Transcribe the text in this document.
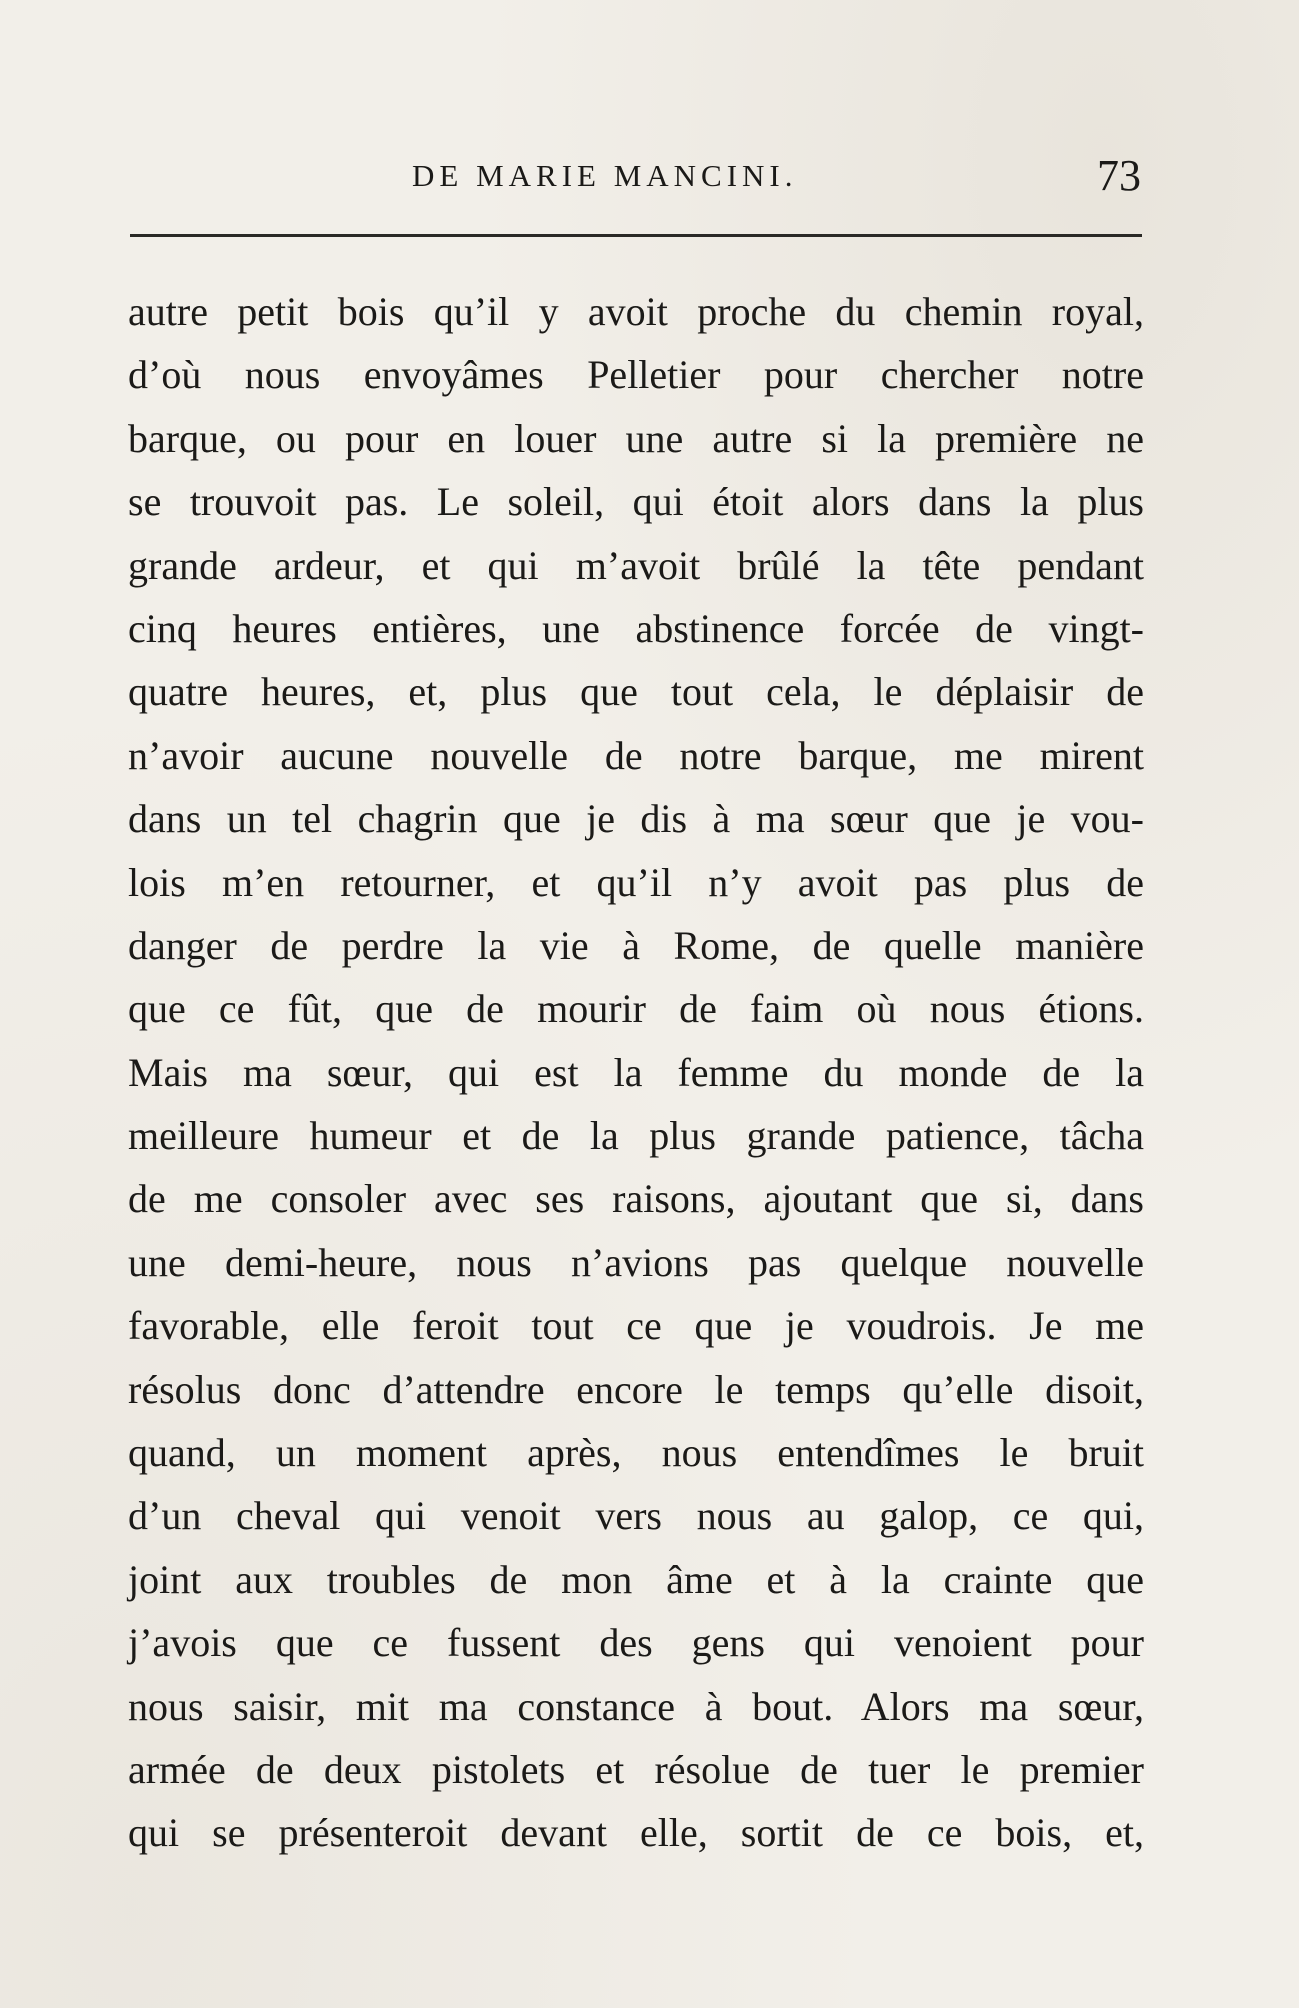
DE MARIE MANCINI.	73
autre petit bois qu’il y avoit proche du chemin royal,
d’où nous envoyâmes Pelletier pour chercher notre
barque, ou pour en louer une autre si la première ne
se trouvoit pas. Le soleil, qui étoit alors dans la plus
grande ardeur, et qui m’avoit brûlé la tête pendant
cinq heures entières, une abstinence forcée de vingt-
quatre heures, et, plus que tout cela, le déplaisir de
n’avoir aucune nouvelle de notre barque, me mirent
dans un tel chagrin que je dis à ma sœur que je vou-
lois m’en retourner, et qu’il n’y avoit pas plus de
danger de perdre la vie à Rome, de quelle manière
que ce fût, que de mourir de faim où nous étions.
Mais ma sœur, qui est la femme du monde de la
meilleure humeur et de la plus grande patience, tâcha
de me consoler avec ses raisons, ajoutant que si, dans
une demi-heure, nous n’avions pas quelque nouvelle
favorable, elle feroit tout ce que je voudrois. Je me
résolus donc d’attendre encore le temps qu’elle disoit,
quand, un moment après, nous entendîmes le bruit
d’un cheval qui venoit vers nous au galop, ce qui,
joint aux troubles de mon âme et à la crainte que
j’avois que ce fussent des gens qui venoient pour
nous saisir, mit ma constance à bout. Alors ma sœur,
armée de deux pistolets et résolue de tuer le premier
qui se présenteroit devant elle, sortit de ce bois, et,
